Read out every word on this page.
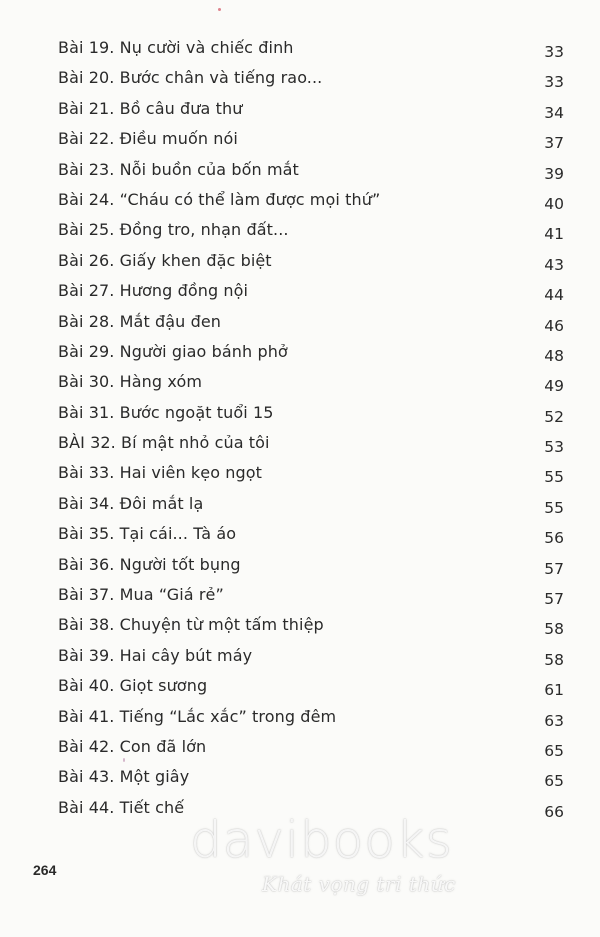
Bài 19. Nụ cười và chiếc đinh	33
Bài 20. Bước chân và tiếng rao...	33
Bài 21. Bồ câu đưa thư	34
Bài 22. Điều muốn nói	37
Bài 23. Nỗi buồn của bốn mắt	39
Bài 24. “Cháu có thể làm được mọi thứ”	40
Bài 25. Đồng tro, nhạn đất...	41
Bài 26. Giấy khen đặc biệt	43
Bài 27. Hương đồng nội	44
Bài 28. Mắt đậu đen	46
Bài 29. Người giao bánh phở	48
Bài 30. Hàng xóm	49
Bài 31. Bước ngoặt tuổi 15	52
BÀI 32. Bí mật nhỏ của tôi	53
Bài 33. Hai viên kẹo ngọt	55
Bài 34. Đôi mắt lạ	55
Bài 35. Tại cái... Tà áo	56
Bài 36. Người tốt bụng	57
Bài 37. Mua “Giá rẻ”	57
Bài 38. Chuyện từ một tấm thiệp	58
Bài 39. Hai cây bút máy	58
Bài 40. Giọt sương	61
Bài 41. Tiếng “Lắc xắc” trong đêm	63
Bài 42. Con đã lớn	65
Bài 43. Một giây	65
Bài 44. Tiết chế	66
264
davibooks
Khát vọng tri thức
